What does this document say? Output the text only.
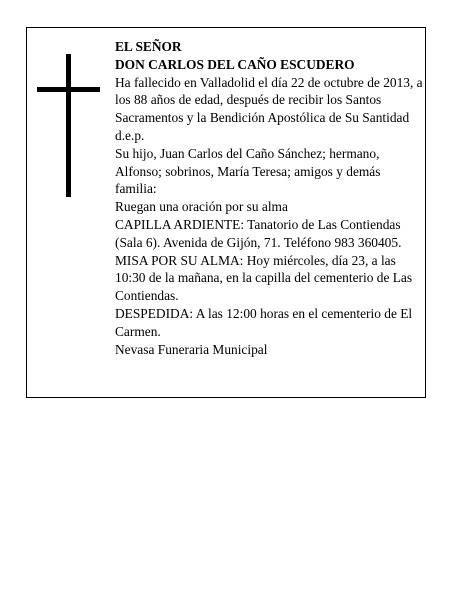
EL SEÑOR

DON CARLOS DEL CAÑO ESCUDERO

Ha fallecido en Valladolid el día 22 de octubre de 2013, a los 88 años de edad, después de recibir los Santos Sacramentos y la Bendición Apostólica de Su Santidad d.e.p.

Su hijo, Juan Carlos del Caño Sánchez; hermano, Alfonso; sobrinos, María Teresa; amigos y demás familia:

Ruegan una oración por su alma

CAPILLA ARDIENTE: Tanatorio de Las Contiendas (Sala 6). Avenida de Gijón, 71. Teléfono 983 360405.

MISA POR SU ALMA: Hoy miércoles, día 23, a las 10:30 de la mañana, en la capilla del cementerio de Las Contiendas.

DESPEDIDA: A las 12:00 horas en el cementerio de El Carmen.

Nevasa Funeraria Municipal
